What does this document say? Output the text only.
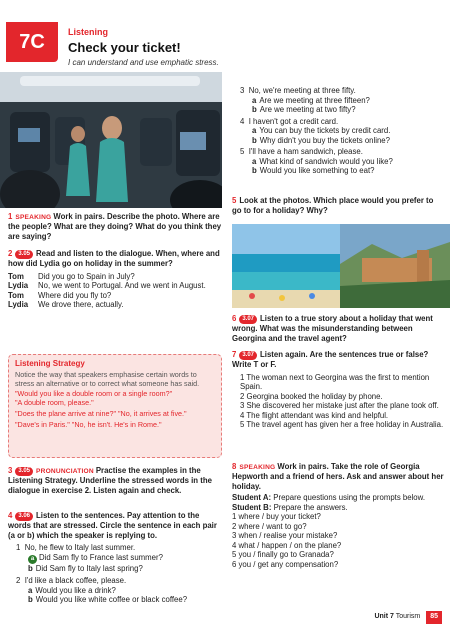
7C	Listening
Check your ticket!
I can understand and use emphatic stress.
1 SPEAKING Work in pairs. Describe the photo. Where are the people? What are they doing? What do you think they are saying?
2 3.05 Read and listen to the dialogue. When, where and how did Lydia go on holiday in the summer?
Tom	Did you go to Spain in July?
Lydia	No, we went to Portugal. And we went in August.
Tom	Where did you fly to?
Lydia	We drove there, actually.
Listening Strategy
Notice the way that speakers emphasise certain words to stress an alternative or to correct what someone has said.
"Would you like a double room or a single room?"
"A double room, please."
"Does the plane arrive at nine?" "No, it arrives at five."
"Dave's in Paris." "No, he isn't. He's in Rome."
3 3.05 PRONUNCIATION Practise the examples in the Listening Strategy. Underline the stressed words in the dialogue in exercise 2. Listen again and check.
4 3.06 Listen to the sentences. Pay attention to the words that are stressed. Circle the sentence in each pair (a or b) which the speaker is replying to.
1 No, he flew to Italy last summer.
a Did Sam fly to France last summer?
b Did Sam fly to Italy last spring?
2 I'd like a black coffee, please.
a Would you like a drink?
b Would you like white coffee or black coffee?
3 No, we're meeting at three fifty.
a Are we meeting at three fifteen?
b Are we meeting at two fifty?
4 I haven't got a credit card.
a You can buy the tickets by credit card.
b Why didn't you buy the tickets online?
5 I'll have a ham sandwich, please.
a What kind of sandwich would you like?
b Would you like something to eat?
5 Look at the photos. Which place would you prefer to go to for a holiday? Why?
6 3.07 Listen to a true story about a holiday that went wrong. What was the misunderstanding between Georgina and the travel agent?
7 3.07 Listen again. Are the sentences true or false? Write T or F.
1 The woman next to Georgina was the first to mention Spain.
2 Georgina booked the holiday by phone.
3 She discovered her mistake just after the plane took off.
4 The flight attendant was kind and helpful.
5 The travel agent has given her a free holiday in Australia.
8 SPEAKING Work in pairs. Take the role of Georgia Hepworth and a friend of hers. Ask and answer about her holiday.
Student A: Prepare questions using the prompts below.
Student B: Prepare the answers.
1 where / buy your ticket?
2 where / want to go?
3 when / realise your mistake?
4 what / happen / on the plane?
5 you / finally go to Granada?
6 you / get any compensation?
Unit 7 Tourism 85
